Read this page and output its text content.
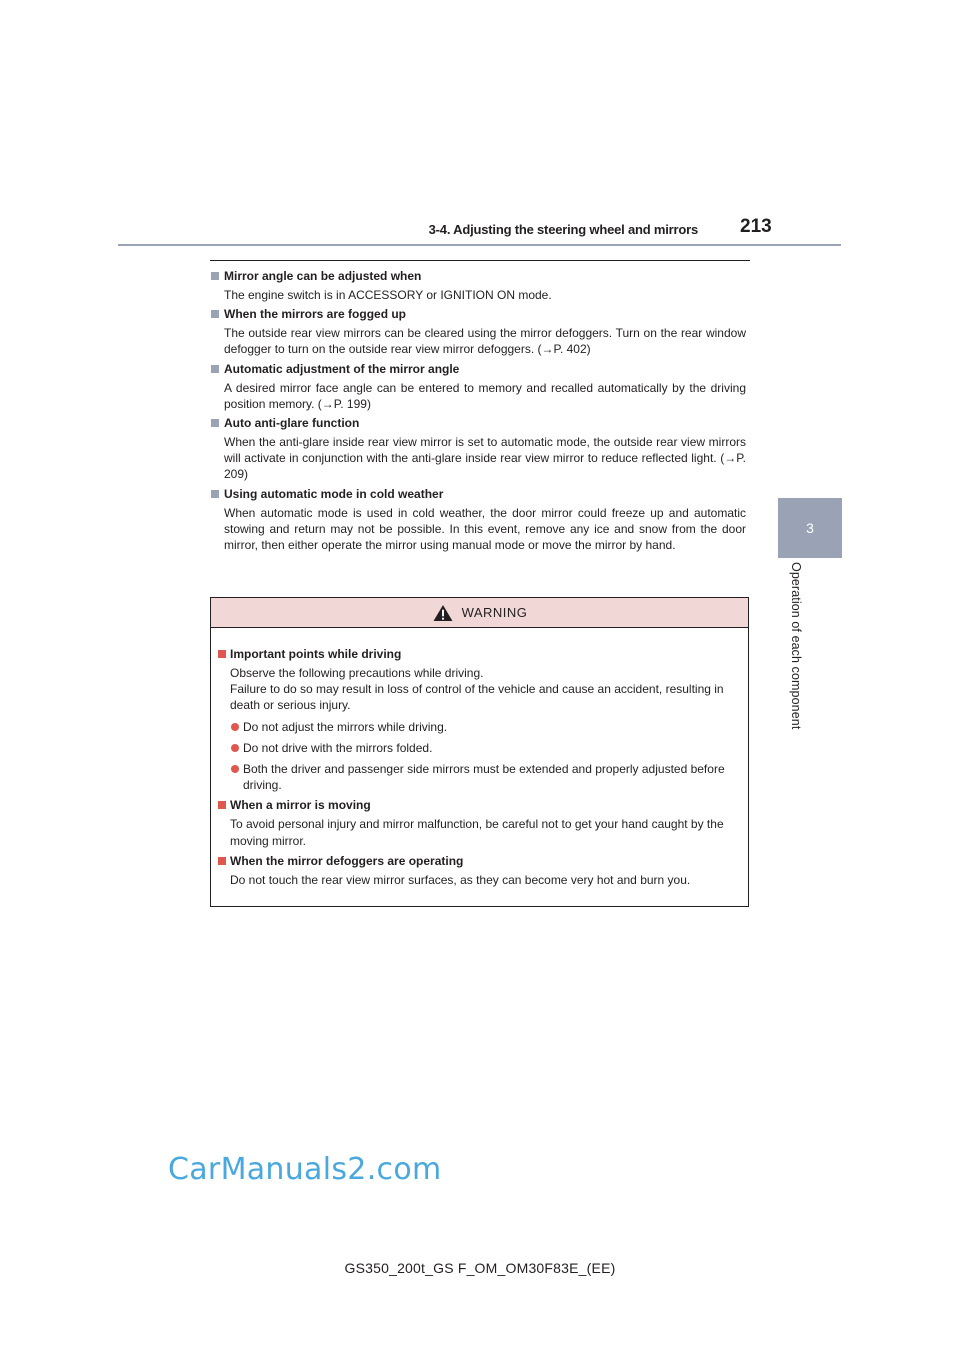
3-4. Adjusting the steering wheel and mirrors 213
3
Operation of each component
Mirror angle can be adjusted when
The engine switch is in ACCESSORY or IGNITION ON mode.
When the mirrors are fogged up
The outside rear view mirrors can be cleared using the mirror defoggers. Turn on the rear window defogger to turn on the outside rear view mirror defoggers. (→P. 402)
Automatic adjustment of the mirror angle
A desired mirror face angle can be entered to memory and recalled automatically by the driving position memory. (→P. 199)
Auto anti-glare function
When the anti-glare inside rear view mirror is set to automatic mode, the outside rear view mirrors will activate in conjunction with the anti-glare inside rear view mirror to reduce reflected light. (→P. 209)
Using automatic mode in cold weather
When automatic mode is used in cold weather, the door mirror could freeze up and automatic stowing and return may not be possible. In this event, remove any ice and snow from the door mirror, then either operate the mirror using manual mode or move the mirror by hand.
WARNING
Important points while driving
Observe the following precautions while driving.
Failure to do so may result in loss of control of the vehicle and cause an accident, resulting in death or serious injury.
Do not adjust the mirrors while driving.
Do not drive with the mirrors folded.
Both the driver and passenger side mirrors must be extended and properly adjusted before driving.
When a mirror is moving
To avoid personal injury and mirror malfunction, be careful not to get your hand caught by the moving mirror.
When the mirror defoggers are operating
Do not touch the rear view mirror surfaces, as they can become very hot and burn you.
CarManuals2.com
GS350_200t_GS F_OM_OM30F83E_(EE)
